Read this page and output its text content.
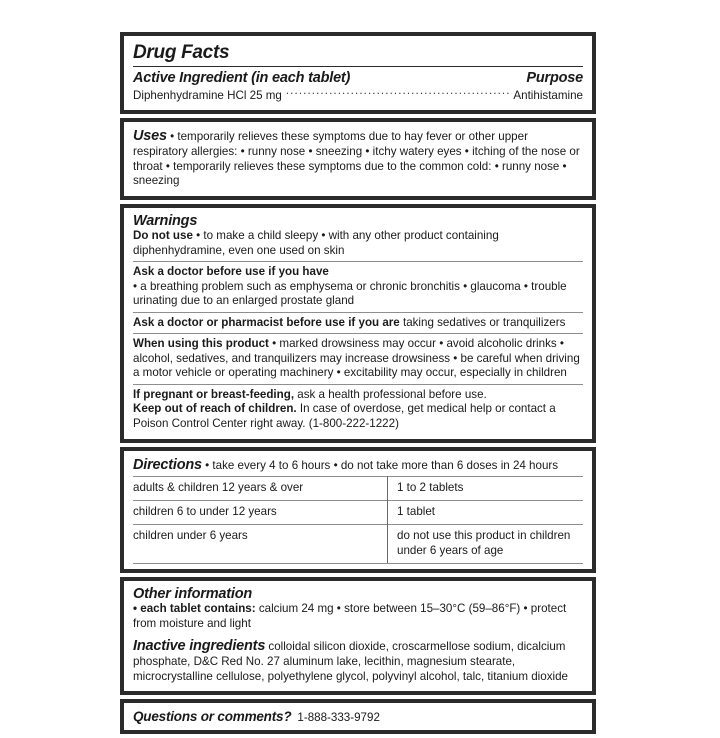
Drug Facts
Active Ingredient (in each tablet)	Purpose
Diphenhydramine HCl 25 mg .....	Antihistamine

Uses • temporarily relieves these symptoms due to hay fever or other upper respiratory allergies: • runny nose • sneezing • itchy watery eyes • itching of the nose or throat • temporarily relieves these symptoms due to the common cold: • runny nose • sneezing

Warnings

Do not use • to make a child sleepy • with any other product containing diphenhydramine, even one used on skin

Ask a doctor before use if you have

• a breathing problem such as emphysema or chronic bronchitis • glaucoma • trouble urinating due to an enlarged prostate gland

Ask a doctor or pharmacist before use if you are taking sedatives or tranquilizers

When using this product • marked drowsiness may occur • avoid alcoholic drinks • alcohol, sedatives, and tranquilizers may increase drowsiness • be careful when driving a motor vehicle or operating machinery • excitability may occur, especially in children

If pregnant or breast-feeding, ask a health professional before use.

Keep out of reach of children. In case of overdose, get medical help or contact a Poison Control Center right away. (1-800-222-1222)

Directions • take every 4 to 6 hours • do not take more than 6 doses in 24 hours

adults & children 12 years & over	1 to 2 tablets
children 6 to under 12 years	1 tablet
children under 6 years	do not use this product in children under 6 years of age
Other information

• each tablet contains: calcium 24 mg • store between 15–30°C (59–86°F) • protect from moisture and light

Inactive ingredients colloidal silicon dioxide, croscarmellose sodium, dicalcium phosphate, D&C Red No. 27 aluminum lake, lecithin, magnesium stearate, microcrystalline cellulose, polyethylene glycol, polyvinyl alcohol, talc, titanium dioxide

Questions or comments? 1-888-333-9792
